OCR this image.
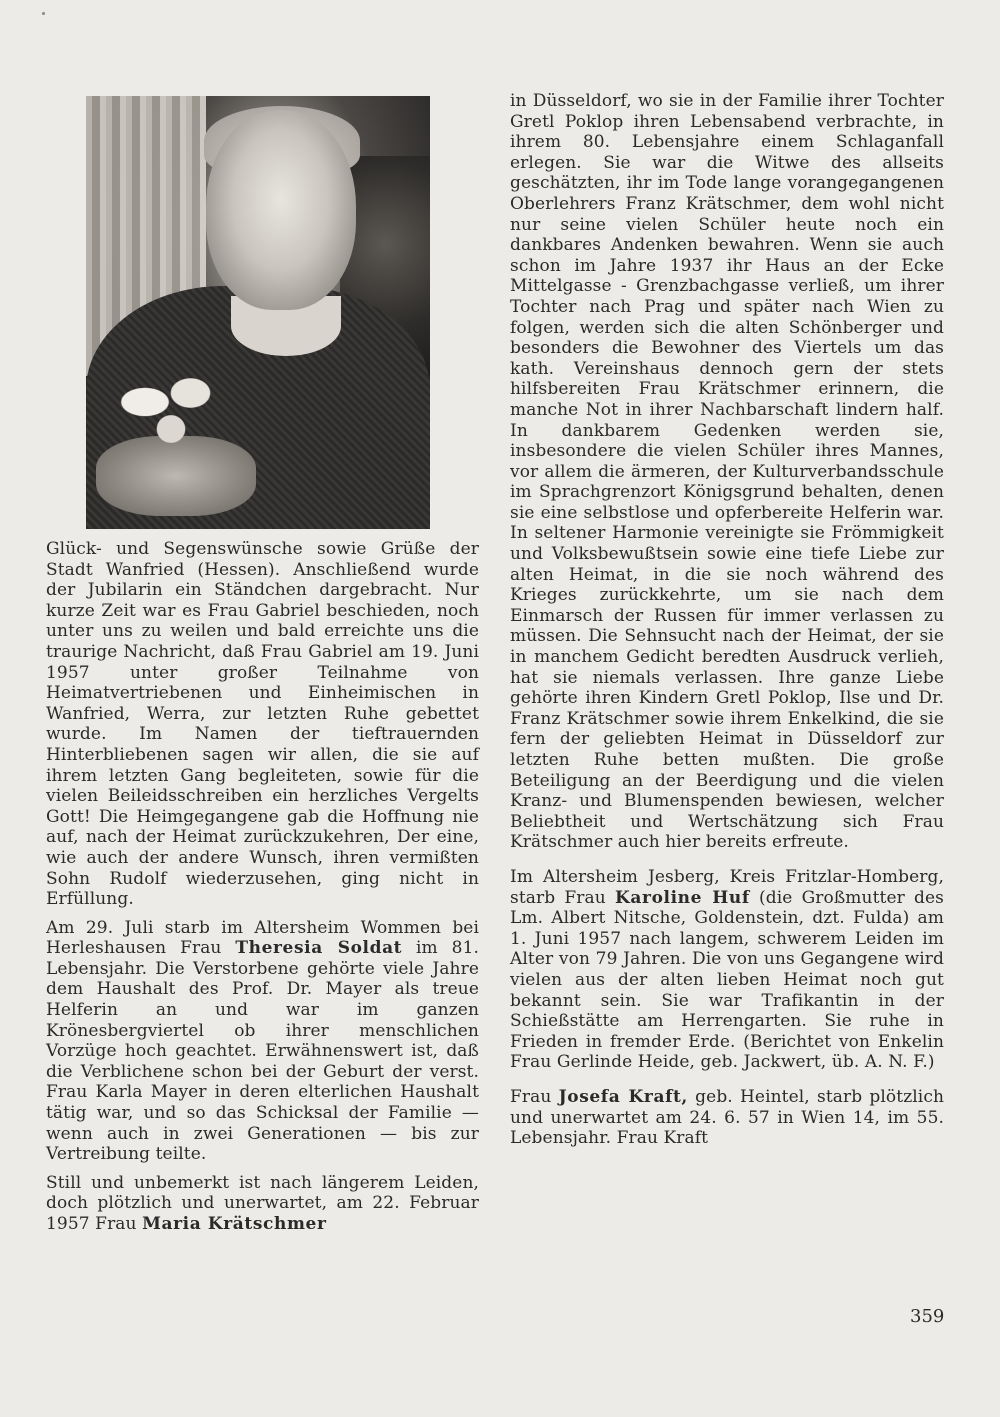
Glück- und Segenswünsche sowie Grüße der Stadt Wanfried (Hessen). Anschließend wurde der Jubilarin ein Ständchen dargebracht. Nur kurze Zeit war es Frau Gabriel beschieden, noch unter uns zu weilen und bald erreichte uns die traurige Nachricht, daß Frau Gabriel am 19. Juni 1957 unter großer Teilnahme von Heimatvertriebenen und Einheimischen in Wanfried, Werra, zur letzten Ruhe gebettet wurde. Im Namen der tieftrauernden Hinterbliebenen sagen wir allen, die sie auf ihrem letzten Gang begleiteten, sowie für die vielen Beileidsschreiben ein herzliches Vergelts Gott! Die Heimgegangene gab die Hoffnung nie auf, nach der Heimat zurückzukehren, Der eine, wie auch der andere Wunsch, ihren vermißten Sohn Rudolf wiederzusehen, ging nicht in Erfüllung.

Am 29. Juli starb im Altersheim Wommen bei Herleshausen Frau Theresia Soldat im 81. Lebensjahr. Die Verstorbene gehörte viele Jahre dem Haushalt des Prof. Dr. Mayer als treue Helferin an und war im ganzen Krönesbergviertel ob ihrer menschlichen Vorzüge hoch geachtet. Erwähnenswert ist, daß die Verblichene schon bei der Geburt der verst. Frau Karla Mayer in deren elterlichen Haushalt tätig war, und so das Schicksal der Familie — wenn auch in zwei Generationen — bis zur Vertreibung teilte.

Still und unbemerkt ist nach längerem Leiden, doch plötzlich und unerwartet, am 22. Februar 1957 Frau Maria Krätschmer

in Düsseldorf, wo sie in der Familie ihrer Tochter Gretl Poklop ihren Lebensabend verbrachte, in ihrem 80. Lebensjahre einem Schlaganfall erlegen. Sie war die Witwe des allseits geschätzten, ihr im Tode lange vorangegangenen Oberlehrers Franz Krätschmer, dem wohl nicht nur seine vielen Schüler heute noch ein dankbares Andenken bewahren. Wenn sie auch schon im Jahre 1937 ihr Haus an der Ecke Mittelgasse - Grenzbachgasse verließ, um ihrer Tochter nach Prag und später nach Wien zu folgen, werden sich die alten Schönberger und besonders die Bewohner des Viertels um das kath. Vereinshaus dennoch gern der stets hilfsbereiten Frau Krätschmer erinnern, die manche Not in ihrer Nachbarschaft lindern half. In dankbarem Gedenken werden sie, insbesondere die vielen Schüler ihres Mannes, vor allem die ärmeren, der Kulturverbandsschule im Sprachgrenzort Königsgrund behalten, denen sie eine selbstlose und opferbereite Helferin war. In seltener Harmonie vereinigte sie Frömmigkeit und Volksbewußtsein sowie eine tiefe Liebe zur alten Heimat, in die sie noch während des Krieges zurückkehrte, um sie nach dem Einmarsch der Russen für immer verlassen zu müssen. Die Sehnsucht nach der Heimat, der sie in manchem Gedicht beredten Ausdruck verlieh, hat sie niemals verlassen. Ihre ganze Liebe gehörte ihren Kindern Gretl Poklop, Ilse und Dr. Franz Krätschmer sowie ihrem Enkelkind, die sie fern der geliebten Heimat in Düsseldorf zur letzten Ruhe betten mußten. Die große Beteiligung an der Beerdigung und die vielen Kranz- und Blumenspenden bewiesen, welcher Beliebtheit und Wertschätzung sich Frau Krätschmer auch hier bereits erfreute.

Im Altersheim Jesberg, Kreis Fritzlar-Homberg, starb Frau Karoline Huf (die Großmutter des Lm. Albert Nitsche, Goldenstein, dzt. Fulda) am 1. Juni 1957 nach langem, schwerem Leiden im Alter von 79 Jahren. Die von uns Gegangene wird vielen aus der alten lieben Heimat noch gut bekannt sein. Sie war Trafikantin in der Schießstätte am Herrengarten. Sie ruhe in Frieden in fremder Erde. (Berichtet von Enkelin Frau Gerlinde Heide, geb. Jackwert, üb. A. N. F.)

Frau Josefa Kraft, geb. Heintel, starb plötzlich und unerwartet am 24. 6. 57 in Wien 14, im 55. Lebensjahr. Frau Kraft

359
